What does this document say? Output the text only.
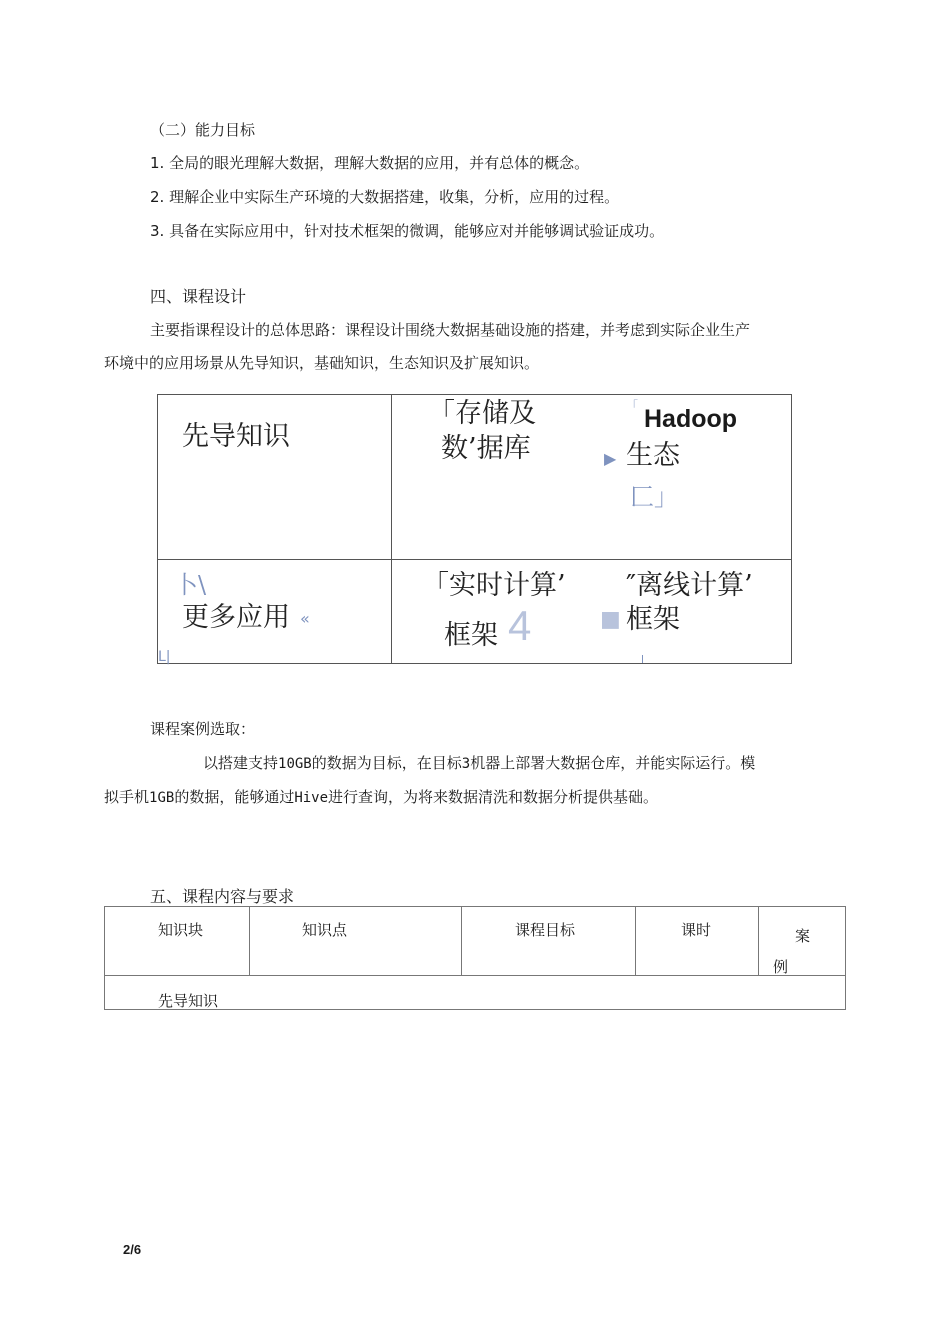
（二）能力目标
1. 全局的眼光理解大数据，理解大数据的应用，并有总体的概念。
2. 理解企业中实际生产环境的大数据搭建，收集，分析，应用的过程。
3. 具备在实际应用中，针对技术框架的微调，能够应对并能够调试验证成功。
四、课程设计
主要指课程设计的总体思路：课程设计围绕大数据基础设施的搭建，并考虑到实际企业生产
环境中的应用场景从先导知识，基础知识，生态知识及扩展知识。
先导知识
「存储及
数’据库
「 Hadoop
▶ 生态
匚」
卜\
更多应用 «
L|
「实时计算’
框架 4
″离线计算’
■ 框架
课程案例选取：
以搭建支持10GB的数据为目标，在目标3机器上部署大数据仓库，并能实际运行。模
拟手机1GB的数据，能够通过Hive进行查询，为将来数据清洗和数据分析提供基础。
五、课程内容与要求
知识块	知识点	课程目标	课时	案
例
先导知识
2/6
